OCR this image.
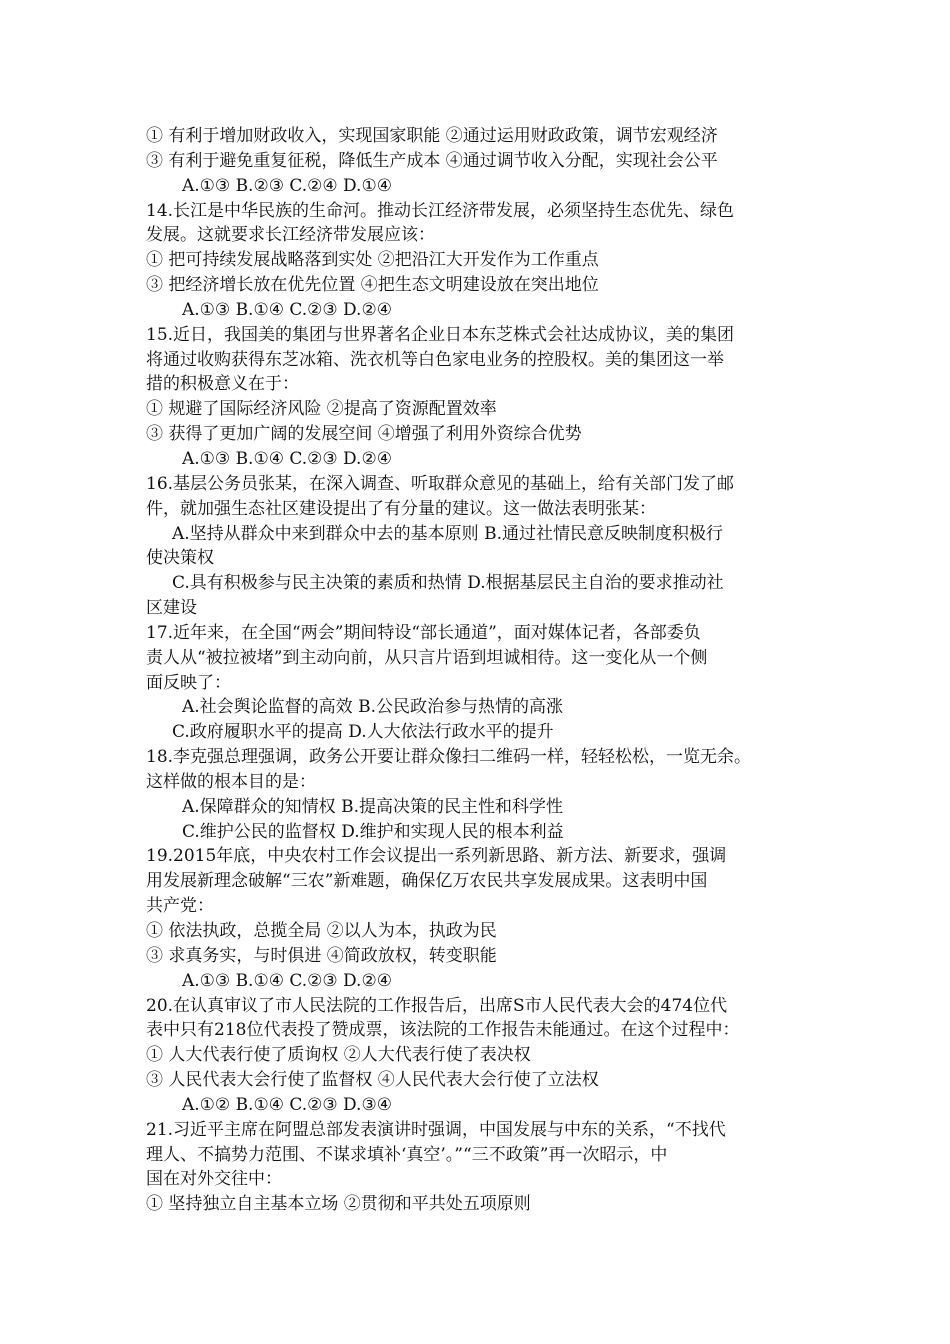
① 有利于增加财政收入，实现国家职能 ②通过运用财政政策，调节宏观经济
③ 有利于避免重复征税，降低生产成本 ④通过调节收入分配，实现社会公平
A.①③ B.②③ C.②④ D.①④
14.长江是中华民族的生命河。推动长江经济带发展，必须坚持生态优先、绿色
发展。这就要求长江经济带发展应该：
① 把可持续发展战略落到实处 ②把沿江大开发作为工作重点
③ 把经济增长放在优先位置 ④把生态文明建设放在突出地位
A.①③ B.①④ C.②③ D.②④
15.近日，我国美的集团与世界著名企业日本东芝株式会社达成协议，美的集团
将通过收购获得东芝冰箱、洗衣机等白色家电业务的控股权。美的集团这一举
措的积极意义在于：
① 规避了国际经济风险 ②提高了资源配置效率
③ 获得了更加广阔的发展空间 ④增强了利用外资综合优势
A.①③ B.①④ C.②③ D.②④
16.基层公务员张某，在深入调查、听取群众意见的基础上，给有关部门发了邮
件，就加强生态社区建设提出了有分量的建议。这一做法表明张某：
A.坚持从群众中来到群众中去的基本原则 B.通过社情民意反映制度积极行
使决策权
C.具有积极参与民主决策的素质和热情 D.根据基层民主自治的要求推动社
区建设
17.近年来，在全国“两会”期间特设“部长通道”，面对媒体记者，各部委负
责人从“被拉被堵”到主动向前，从只言片语到坦诚相待。这一变化从一个侧
面反映了：
A.社会舆论监督的高效 B.公民政治参与热情的高涨
C.政府履职水平的提高 D.人大依法行政水平的提升
18.李克强总理强调，政务公开要让群众像扫二维码一样，轻轻松松，一览无余。
这样做的根本目的是：
A.保障群众的知情权 B.提高决策的民主性和科学性
C.维护公民的监督权 D.维护和实现人民的根本利益
19.2015年底，中央农村工作会议提出一系列新思路、新方法、新要求，强调
用发展新理念破解“三农”新难题，确保亿万农民共享发展成果。这表明中国
共产党：
① 依法执政，总揽全局 ②以人为本，执政为民
③ 求真务实，与时俱进 ④简政放权，转变职能
A.①③ B.①④ C.②③ D.②④
20.在认真审议了市人民法院的工作报告后，出席S市人民代表大会的474位代
表中只有218位代表投了赞成票，该法院的工作报告未能通过。在这个过程中：
① 人大代表行使了质询权 ②人大代表行使了表决权
③ 人民代表大会行使了监督权 ④人民代表大会行使了立法权
A.①② B.①④ C.②③ D.③④
21.习近平主席在阿盟总部发表演讲时强调，中国发展与中东的关系，“不找代
理人、不搞势力范围、不谋求填补‘真空’。”“三不政策”再一次昭示，中
国在对外交往中：
① 坚持独立自主基本立场 ②贯彻和平共处五项原则
